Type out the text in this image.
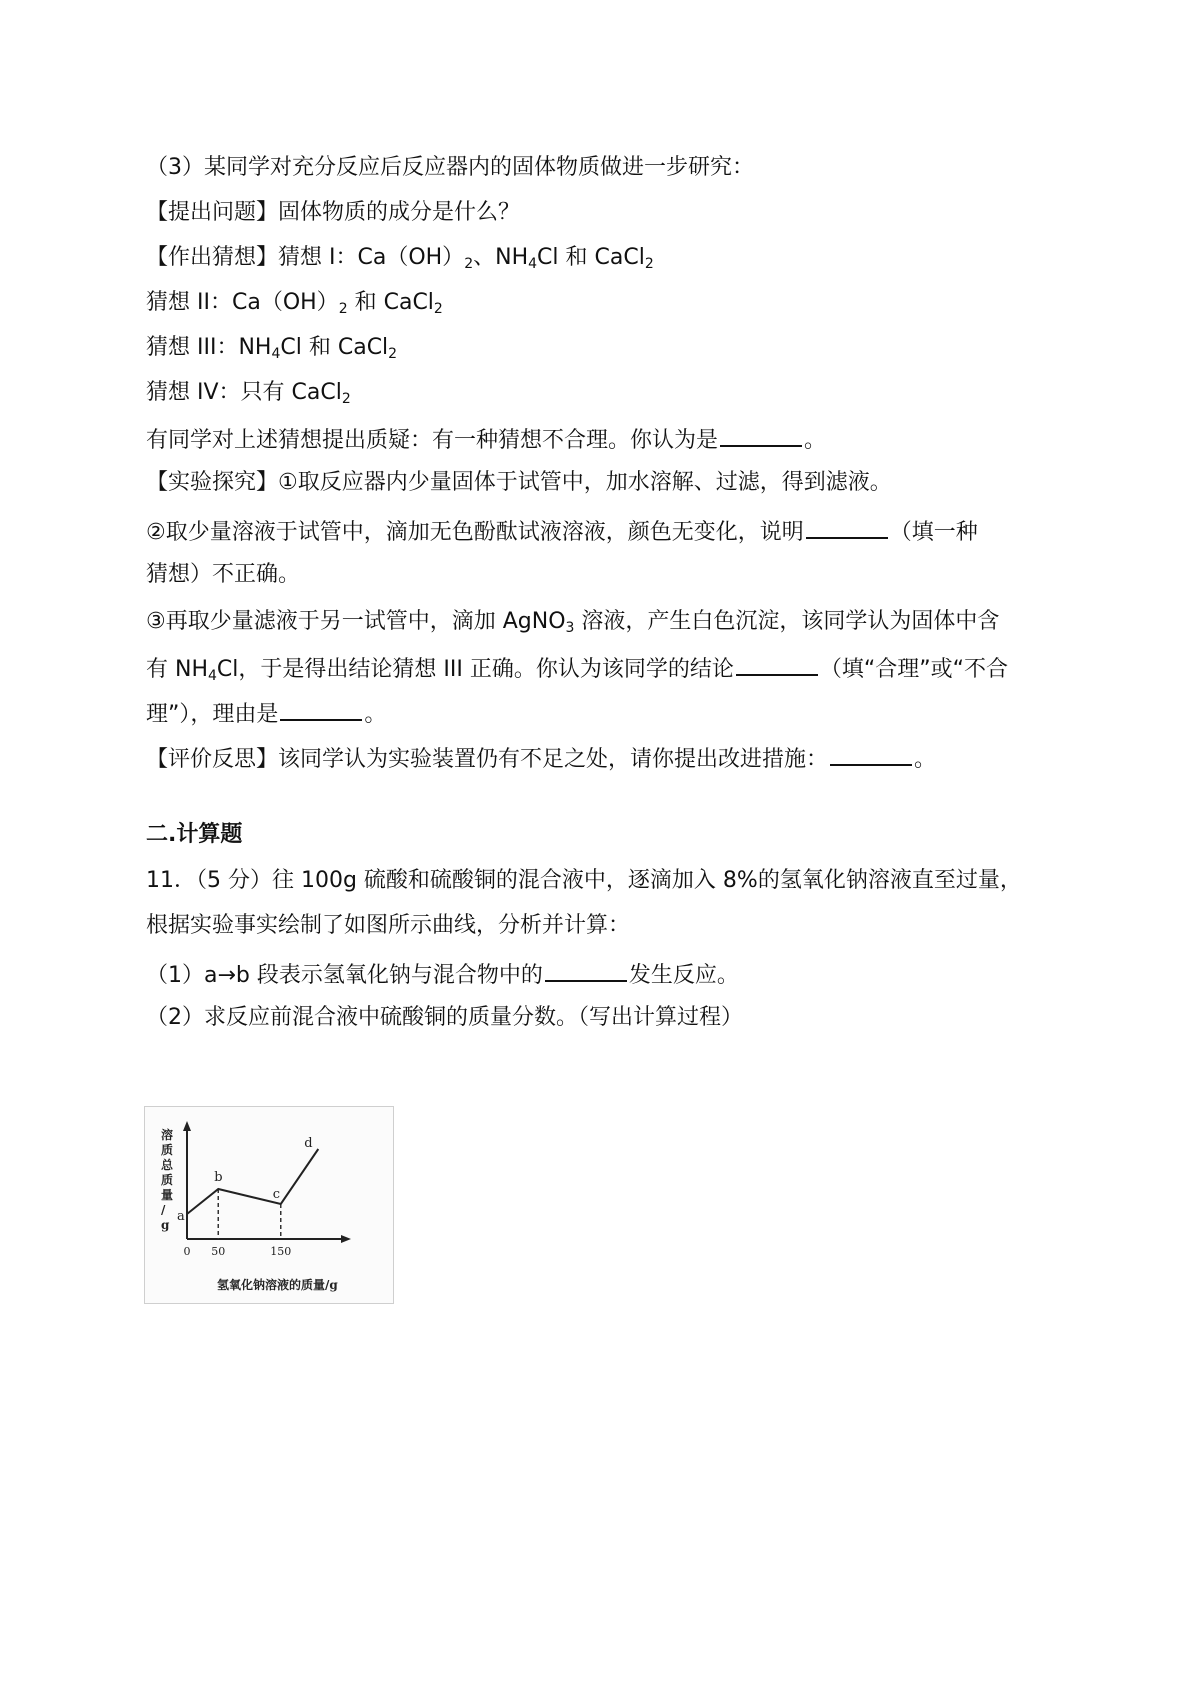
（3）某同学对充分反应后反应器内的固体物质做进一步研究：
【提出问题】固体物质的成分是什么？
【作出猜想】猜想 I：$Ca(OH)_2$、$NH_4Cl$ 和 CaCl$_2$
猜想 II：$Ca(OH)_2$ 和 CaCl$_2$
猜想 III：$NH_4Cl$ 和 CaCl$_2$
猜想 IV：只有 CaCl$_2$
有同学对上述猜想提出质疑：有一种猜想不合理。你认为是	。
【实验探究】①取反应器内少量固体于试管中，加水溶解、过滤，得到滤液。
②取少量溶液于试管中，滴加无色酚酞试液溶液，颜色无变化，说明	（填一种
猜想）不正确。
③再取少量滤液于另一试管中，滴加 AgNO$_3$ 溶液，产生白色沉淀，该同学认为固体中含
有 $NH_4Cl$，于是得出结论猜想 III 正确。你认为该同学的结论	（填“合理”或“不合
理”），理由是	。
【评价反思】该同学认为实验装置仍有不足之处，请你提出改进措施：	。
二.计算题
11．（5 分）往 100g 硫酸和硫酸铜的混合液中，逐滴加入 8%的氢氧化钠溶液直至过量，
根据实验事实绘制了如图所示曲线，分析并计算：
（1）a→b 段表示氢氧化钠与混合物中的	发生反应。
（2）求反应前混合液中硫酸铜的质量分数。（写出计算过程）
溶
质
总
质
量
/
g
a
b
c
d
0 50	150
氢氧化钠溶液的质量/g
